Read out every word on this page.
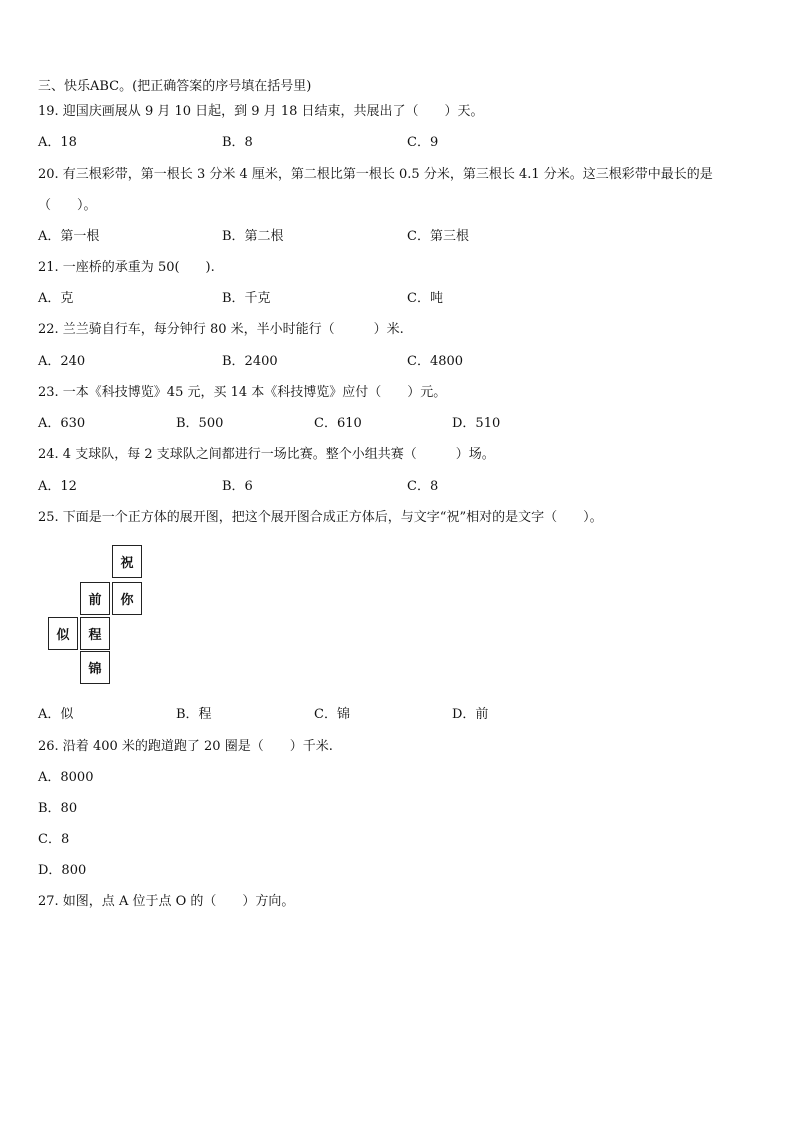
三、快乐ABC。(把正确答案的序号填在括号里)
19. 迎国庆画展从 9 月 10 日起，到 9 月 18 日结束，共展出了（　　）天。
A．18	B．8	C．9
20. 有三根彩带，第一根长 3 分米 4 厘米，第二根比第一根长 0.5 分米，第三根长 4.1 分米。这三根彩带中最长的是
（　　）。
A．第一根	B．第二根	C．第三根
21. 一座桥的承重为 50(　　).
A．克	B．千克	C．吨
22. 兰兰骑自行车，每分钟行 80 米，半小时能行（　　　）米.
A．240	B．2400	C．4800
23. 一本《科技博览》45 元，买 14 本《科技博览》应付（　　）元。
A．630	B．500	C．610	D．510
24. 4 支球队，每 2 支球队之间都进行一场比赛。整个小组共赛（　　　）场。
A．12	B．6	C．8
25. 下面是一个正方体的展开图，把这个展开图合成正方体后，与文字“祝”相对的是文字（　　）。
祝
前	你
似	程
锦
A．似	B．程	C．锦	D．前
26. 沿着 400 米的跑道跑了 20 圈是（　　）千米.
A．8000
B．80
C．8
D．800
27. 如图，点 A 位于点 O 的（　　）方向。
